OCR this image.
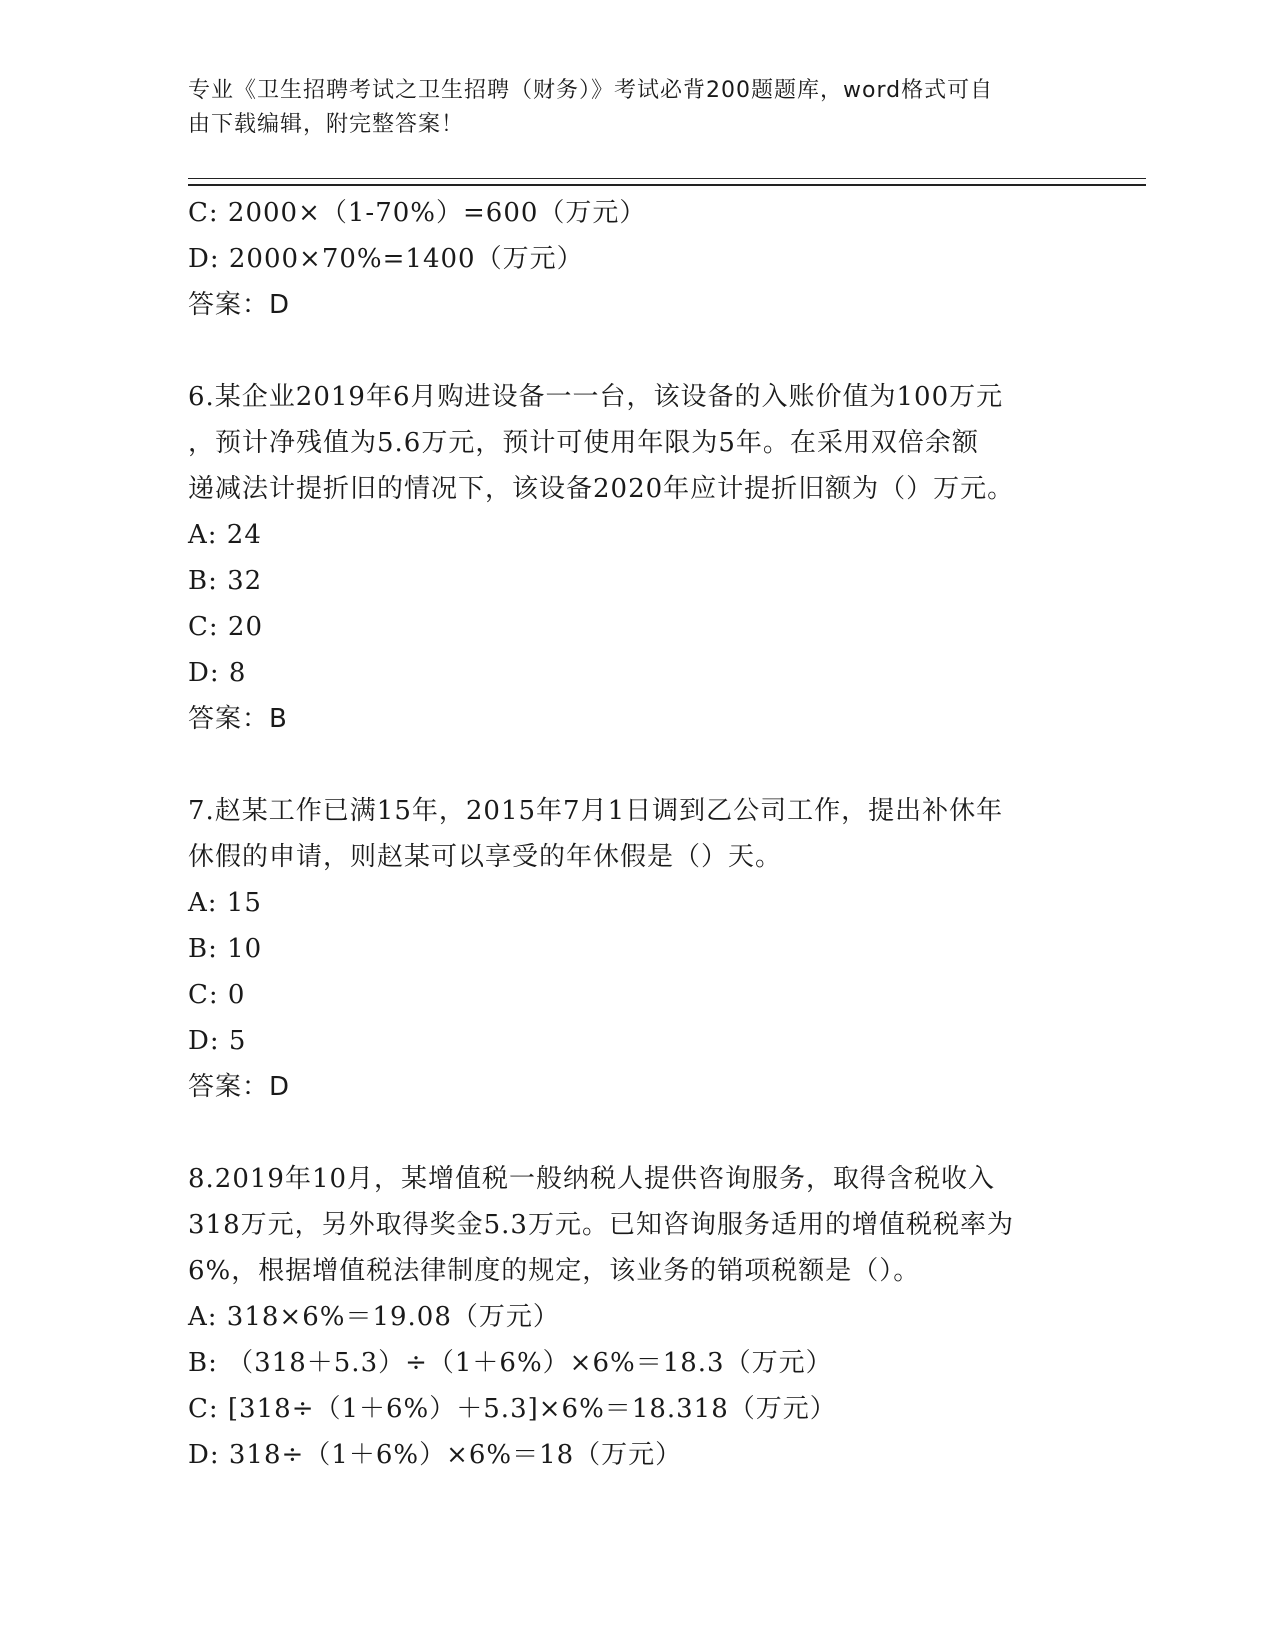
专业《卫生招聘考试之卫生招聘（财务）》考试必背200题题库，word格式可自
由下载编辑，附完整答案！
C: 2000×（1-70%）=600（万元）
D: 2000×70%=1400（万元）
答案：D
6.某企业2019年6月购进设备一一台，该设备的入账价值为100万元
，预计净残值为5.6万元，预计可使用年限为5年。在采用双倍余额
递减法计提折旧的情况下，该设备2020年应计提折旧额为（）万元。
A: 24
B: 32
C: 20
D: 8
答案：B
7.赵某工作已满15年，2015年7月1日调到乙公司工作，提出补休年
休假的申请，则赵某可以享受的年休假是（）天。
A: 15
B: 10
C: 0
D: 5
答案：D
8.2019年10月，某增值税一般纳税人提供咨询服务，取得含税收入
318万元，另外取得奖金5.3万元。已知咨询服务适用的增值税税率为
6%，根据增值税法律制度的规定，该业务的销项税额是（）。
A: 318×6%＝19.08（万元）
B: （318＋5.3）÷（1＋6%）×6%＝18.3（万元）
C: [318÷（1＋6%）＋5.3]×6%＝18.318（万元）
D: 318÷（1＋6%）×6%＝18（万元）
